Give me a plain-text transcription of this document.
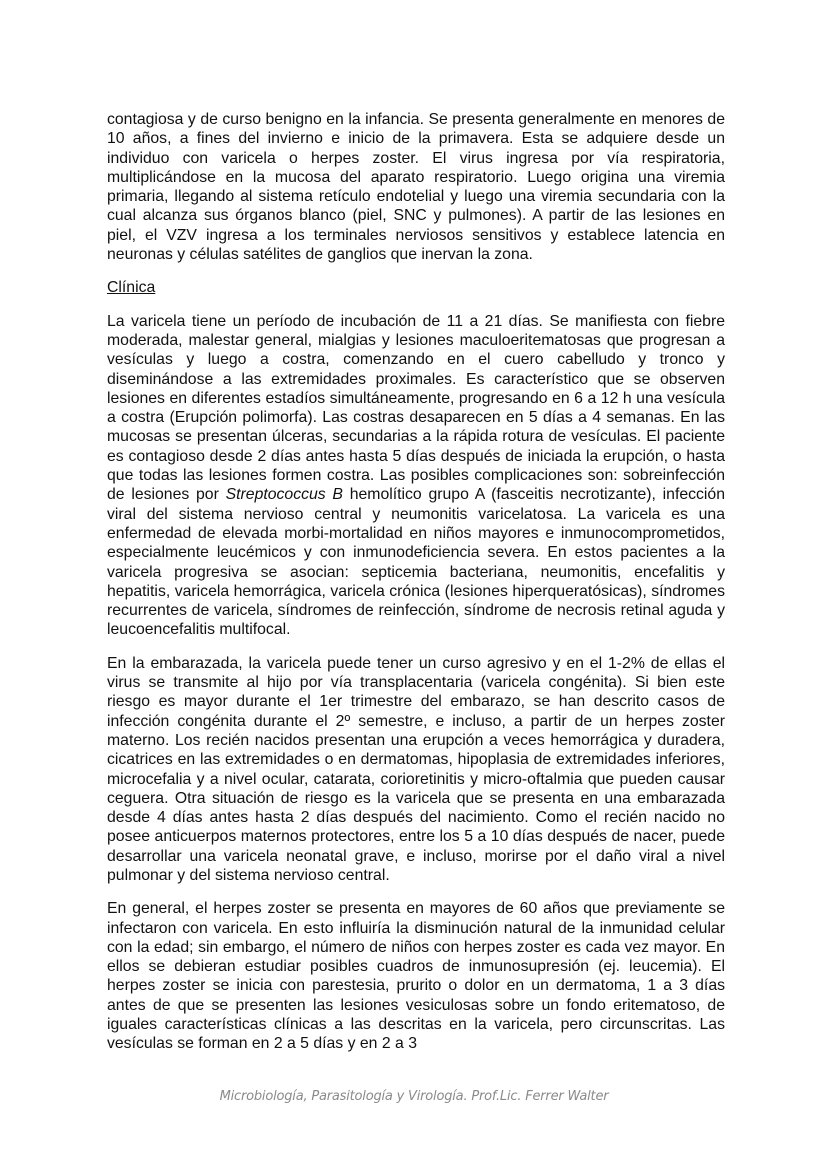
contagiosa y de curso benigno en la infancia. Se presenta generalmente en menores de 10 años, a fines del invierno e inicio de la primavera. Esta se adquiere desde un individuo con varicela o herpes zoster. El virus ingresa por vía respiratoria, multiplicándose en la mucosa del aparato respiratorio. Luego origina una viremia primaria, llegando al sistema retículo endotelial y luego una viremia secundaria con la cual alcanza sus órganos blanco (piel, SNC y pulmones). A partir de las lesiones en piel, el VZV ingresa a los terminales nerviosos sensitivos y establece latencia en neuronas y células satélites de ganglios que inervan la zona.

Clínica

La varicela tiene un período de incubación de 11 a 21 días. Se manifiesta con fiebre moderada, malestar general, mialgias y lesiones maculoeritematosas que progresan a vesículas y luego a costra, comenzando en el cuero cabelludo y tronco y diseminándose a las extremidades proximales. Es característico que se observen lesiones en diferentes estadíos simultáneamente, progresando en 6 a 12 h una vesícula a costra (Erupción polimorfa). Las costras desaparecen en 5 días a 4 semanas. En las mucosas se presentan úlceras, secundarias a la rápida rotura de vesículas. El paciente es contagioso desde 2 días antes hasta 5 días después de iniciada la erupción, o hasta que todas las lesiones formen costra. Las posibles complicaciones son: sobreinfección de lesiones por Streptococcus B hemolítico grupo A (fasceitis necrotizante), infección viral del sistema nervioso central y neumonitis varicelatosa. La varicela es una enfermedad de elevada morbi-mortalidad en niños mayores e inmunocomprometidos, especialmente leucémicos y con inmunodeficiencia severa. En estos pacientes a la varicela progresiva se asocian: septicemia bacteriana, neumonitis, encefalitis y hepatitis, varicela hemorrágica, varicela crónica (lesiones hiperqueratósicas), síndromes recurrentes de varicela, síndromes de reinfección, síndrome de necrosis retinal aguda y leucoencefalitis multifocal.

En la embarazada, la varicela puede tener un curso agresivo y en el 1-2% de ellas el virus se transmite al hijo por vía transplacentaria (varicela congénita). Si bien este riesgo es mayor durante el 1er trimestre del embarazo, se han descrito casos de infección congénita durante el 2º semestre, e incluso, a partir de un herpes zoster materno. Los recién nacidos presentan una erupción a veces hemorrágica y duradera, cicatrices en las extremidades o en dermatomas, hipoplasia de extremidades inferiores, microcefalia y a nivel ocular, catarata, corioretinitis y micro-oftalmia que pueden causar ceguera. Otra situación de riesgo es la varicela que se presenta en una embarazada desde 4 días antes hasta 2 días después del nacimiento. Como el recién nacido no posee anticuerpos maternos protectores, entre los 5 a 10 días después de nacer, puede desarrollar una varicela neonatal grave, e incluso, morirse por el daño viral a nivel pulmonar y del sistema nervioso central.

En general, el herpes zoster se presenta en mayores de 60 años que previamente se infectaron con varicela. En esto influiría la disminución natural de la inmunidad celular con la edad; sin embargo, el número de niños con herpes zoster es cada vez mayor. En ellos se debieran estudiar posibles cuadros de inmunosupresión (ej. leucemia). El herpes zoster se inicia con parestesia, prurito o dolor en un dermatoma, 1 a 3 días antes de que se presenten las lesiones vesiculosas sobre un fondo eritematoso, de iguales características clínicas a las descritas en la varicela, pero circunscritas. Las vesículas se forman en 2 a 5 días y en 2 a 3

Microbiología, Parasitología y Virología. Prof.Lic. Ferrer Walter
